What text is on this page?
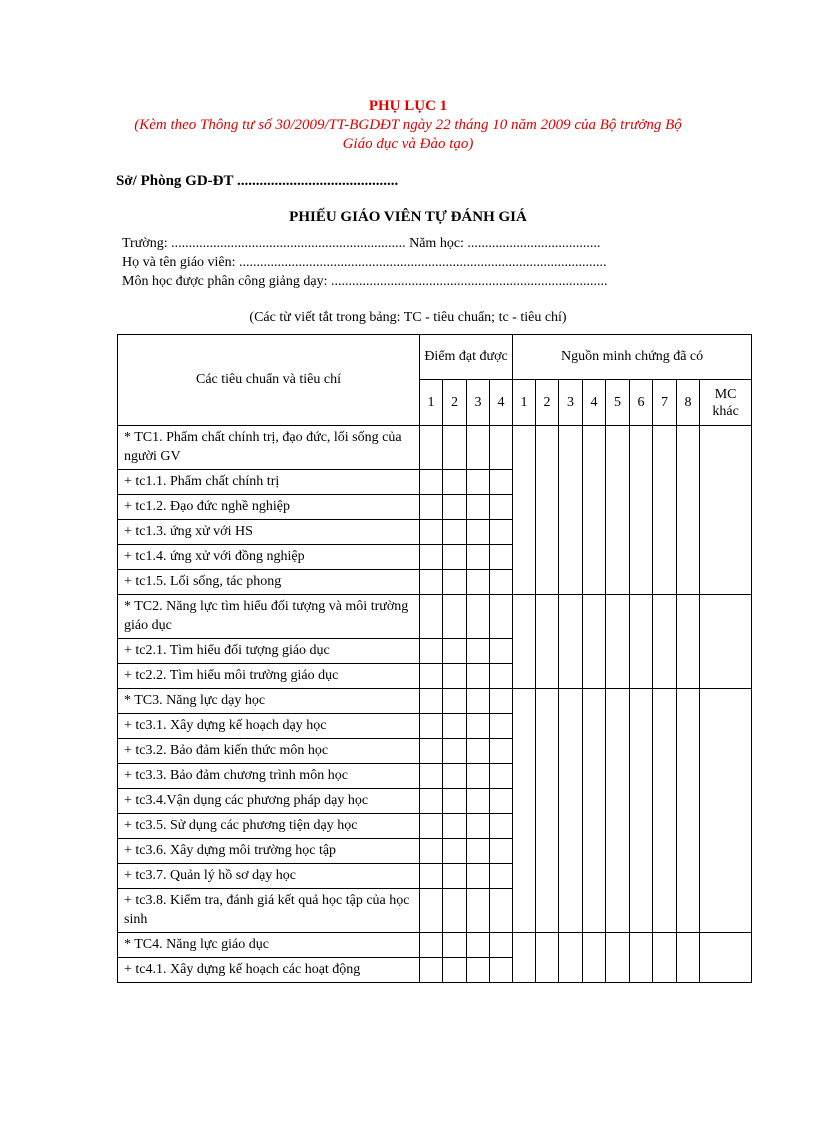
PHỤ LỤC 1
(Kèm theo Thông tư số 30/2009/TT-BGDĐT ngày 22 tháng 10 năm 2009 của Bộ trưởng Bộ Giáo dục và Đào tạo)
Sở/ Phòng GD-ĐT ...........................................
PHIẾU GIÁO VIÊN TỰ ĐÁNH GIÁ
Trường: ................................................................... Năm học: ......................................
Họ và tên giáo viên: .........................................................................................................
Môn học được phân công giảng dạy: ...............................................................................
(Các từ viết tắt trong bảng: TC - tiêu chuẩn; tc - tiêu chí)
Các tiêu chuẩn và tiêu chí	Điểm đạt được				Nguồn minh chứng đã có								
	1	2	3	4	1	2	3	4	5	6	7	8	MC khác
* TC1. Phẩm chất chính trị, đạo đức, lối sống của người GV													
+ tc1.1. Phẩm chất chính trị													
+ tc1.2. Đạo đức nghề nghiệp													
+ tc1.3. ứng xử với HS													
+ tc1.4. ứng xử với đồng nghiệp													
+ tc1.5. Lối sống, tác phong													
* TC2. Năng lực tìm hiểu đối tượng và môi trường giáo dục													
+ tc2.1. Tìm hiểu đối tượng giáo dục													
+ tc2.2. Tìm hiểu môi trường giáo dục													
* TC3. Năng lực dạy học													
+ tc3.1. Xây dựng kế hoạch dạy học													
+ tc3.2. Bảo đảm kiến thức môn học													
+ tc3.3. Bảo đảm chương trình môn học													
+ tc3.4.Vận dụng các phương pháp dạy học													
+ tc3.5. Sử dụng các phương tiện dạy học													
+ tc3.6. Xây dựng môi trường học tập													
+ tc3.7. Quản lý hồ sơ dạy học													
+ tc3.8. Kiểm tra, đánh giá kết quả học tập của học sinh													
* TC4. Năng lực giáo dục													
+ tc4.1. Xây dựng kế hoạch các hoạt động													
